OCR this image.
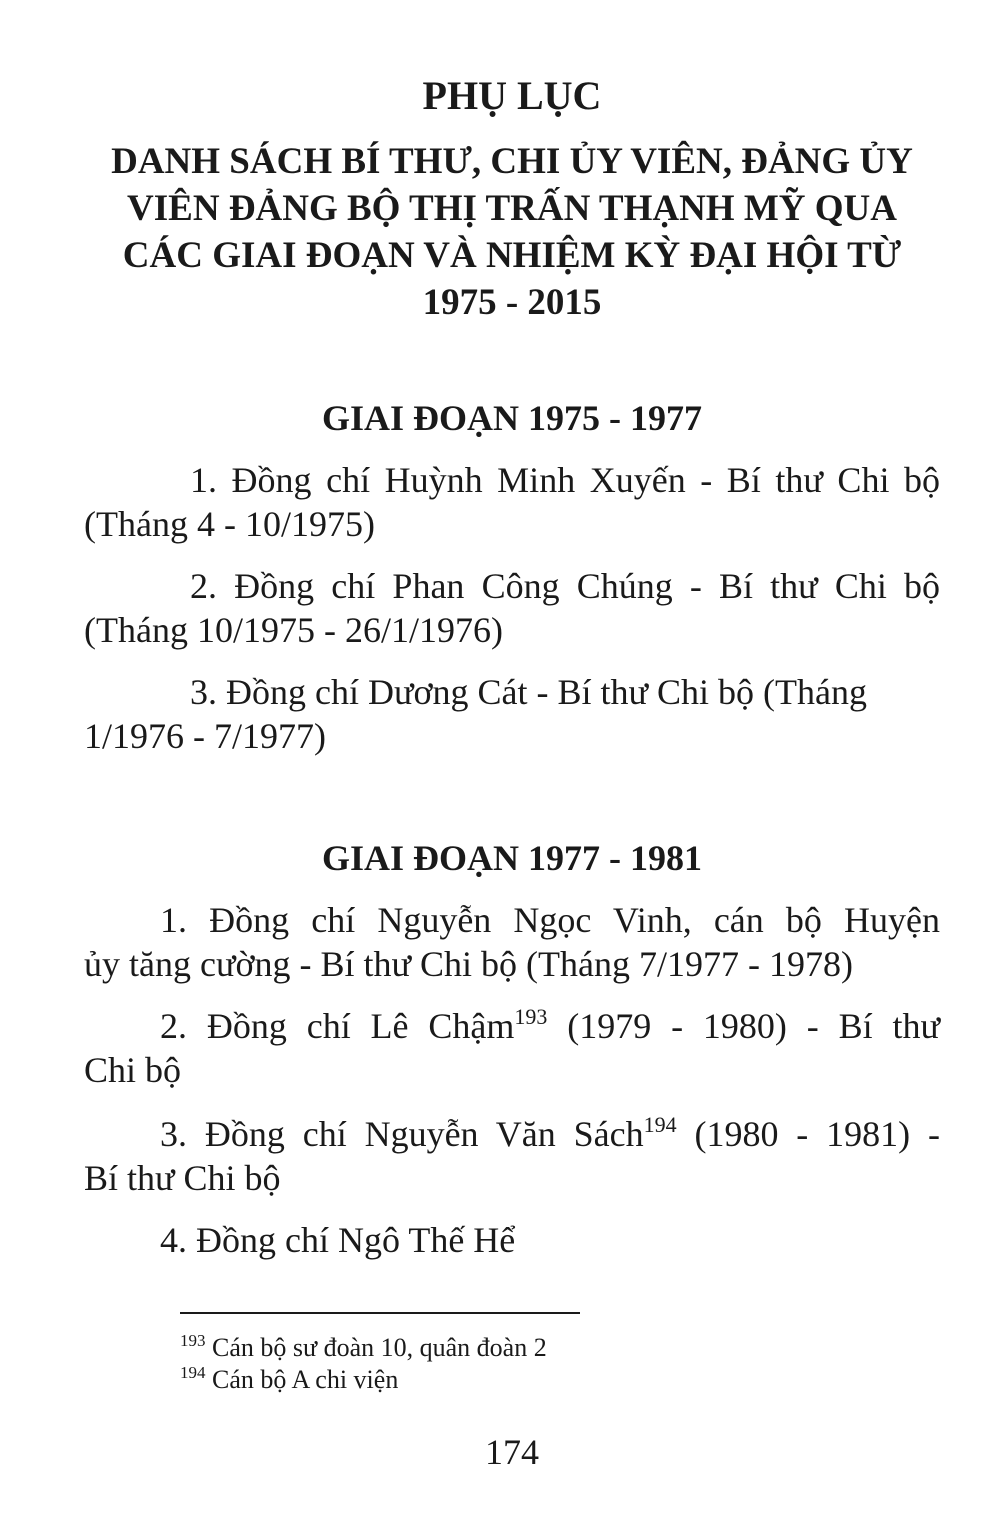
PHỤ LỤC
DANH SÁCH BÍ THƯ, CHI ỦY VIÊN, ĐẢNG ỦY
VIÊN ĐẢNG BỘ THỊ TRẤN THẠNH MỸ QUA
CÁC GIAI ĐOẠN VÀ NHIỆM KỲ ĐẠI HỘI TỪ
1975 - 2015
GIAI ĐOẠN 1975 - 1977

1. Đồng chí Huỳnh Minh Xuyến - Bí thư Chi bộ
(Tháng 4 - 10/1975)

2. Đồng chí Phan Công Chúng - Bí thư Chi bộ
(Tháng 10/1975 - 26/1/1976)

3. Đồng chí Dương Cát - Bí thư Chi bộ (Tháng
1/1976 - 7/1977)

GIAI ĐOẠN 1977 - 1981

1. Đồng chí Nguyễn Ngọc Vinh, cán bộ Huyện
ủy tăng cường - Bí thư Chi bộ (Tháng 7/1977 - 1978)

2. Đồng chí Lê Chậm$^{193}$ (1979 - 1980) - Bí thư
Chi bộ

3. Đồng chí Nguyễn Văn Sách$^{194}$ (1980 - 1981) -
Bí thư Chi bộ

4. Đồng chí Ngô Thế Hể

$^{193}$ Cán bộ sư đoàn 10, quân đoàn 2

$^{194}$ Cán bộ A chi viện

174
